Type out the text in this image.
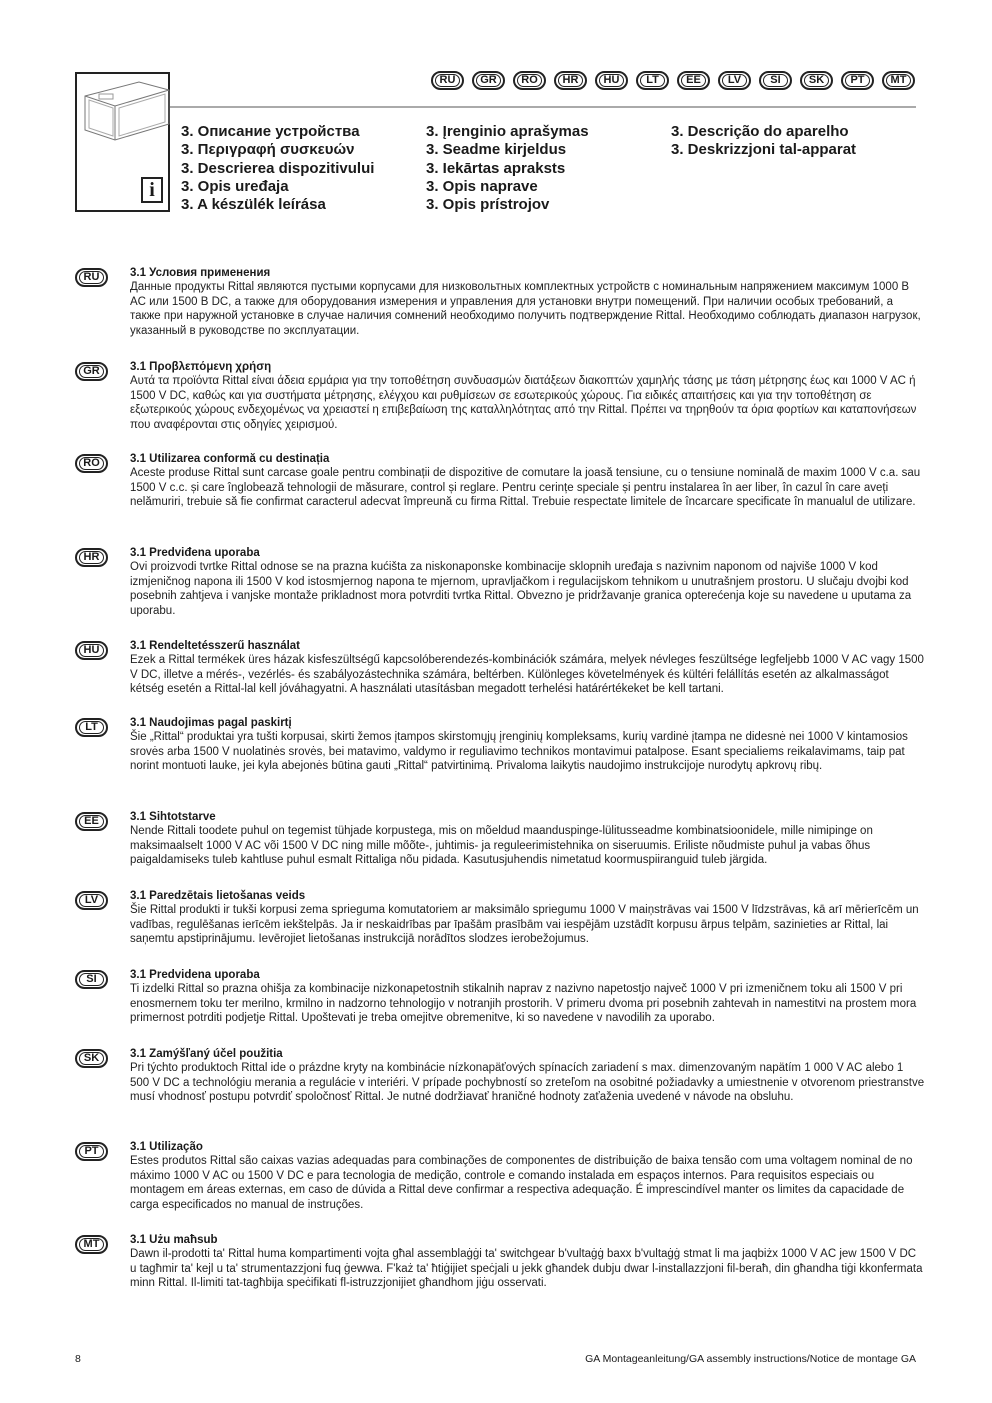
i
RU	GR	RO	HR	HU	LT	EE	LV	SI	SK	PT	MT
3. Описание устройства
3. Περιγραφή συσκευών
3. Descrierea dispozitivului
3. Opis uređaja
3. A készülék leírása
3. Įrenginio aprašymas
3. Seadme kirjeldus
3. Iekārtas apraksts
3. Opis naprave
3. Opis prístrojov
3. Descrição do aparelho
3. Deskrizzjoni tal-apparat
RU	3.1 Условия применения

Данные продукты Rittal являются пустыми корпусами для низковольтных комплектных устройств с номинальным напряжением максимум 1000 В AC или 1500 В DC, а также для оборудования измерения и управления для установки внутри помещений. При наличии особых требований, а также при наружной установке в случае наличия сомнений необходимо получить подтверждение Rittal. Необходимо соблюдать диапазон нагрузок, указанный в руководстве по эксплуатации.

GR	3.1 Προβλεπόμενη χρήση

Αυτά τα προϊόντα Rittal είναι άδεια ερμάρια για την τοποθέτηση συνδυασμών διατάξεων διακοπτών χαμηλής τάσης με τάση μέτρησης έως και 1000 V AC ή 1500 V DC, καθώς και για συστήματα μέτρησης, ελέγχου και ρυθμίσεων σε εσωτερικούς χώρους. Για ειδικές απαιτήσεις και για την τοποθέτηση σε εξωτερικούς χώρους ενδεχομένως να χρειαστεί η επιβεβαίωση της καταλληλότητας από την Rittal. Πρέπει να τηρηθούν τα όρια φορτίων και καταπονήσεων που αναφέρονται στις οδηγίες χειρισμού.

RO	3.1 Utilizarea conformă cu destinația

Aceste produse Rittal sunt carcase goale pentru combinații de dispozitive de comutare la joasă tensiune, cu o tensiune nominală de maxim 1000 V c.a. sau 1500 V c.c. și care înglobează tehnologii de măsurare, control și reglare. Pentru cerințe speciale și pentru instalarea în aer liber, în cazul în care aveți nelămuriri, trebuie să fie confirmat caracterul adecvat împreună cu firma Rittal. Trebuie respectate limitele de încarcare specificate în manualul de utilizare.

HR	3.1 Predviđena uporaba

Ovi proizvodi tvrtke Rittal odnose se na prazna kućišta za niskonaponske kombinacije sklopnih uređaja s nazivnim naponom od najviše 1000 V kod izmjeničnog napona ili 1500 V kod istosmjernog napona te mjernom, upravljačkom i regulacijskom tehnikom u unutrašnjem prostoru. U slučaju dvojbi kod posebnih zahtjeva i vanjske montaže prikladnost mora potvrditi tvrtka Rittal. Obvezno je pridržavanje granica opterećenja koje su navedene u uputama za uporabu.

HU	3.1 Rendeltetésszerű használat

Ezek a Rittal termékek üres házak kisfeszültségű kapcsolóberendezés-kombinációk számára, melyek névleges feszültsége legfeljebb 1000 V AC vagy 1500 V DC, illetve a mérés-, vezérlés- és szabályozástechnika számára, beltérben. Különleges követelmények és kültéri felállítás esetén az alkalmasságot kétség esetén a Rittal-lal kell jóváhagyatni. A használati utasításban megadott terhelési határértékeket be kell tartani.

LT	3.1 Naudojimas pagal paskirtį

Šie „Rittal“ produktai yra tušti korpusai, skirti žemos įtampos skirstomųjų įrenginių kompleksams, kurių vardinė įtampa ne didesnė nei 1000 V kintamosios srovės arba 1500 V nuolatinės srovės, bei matavimo, valdymo ir reguliavimo technikos montavimui patalpose. Esant specialiems reikalavimams, taip pat norint montuoti lauke, jei kyla abejonės būtina gauti „Rittal“ patvirtinimą. Privaloma laikytis naudojimo instrukcijoje nurodytų apkrovų ribų.

EE	3.1 Sihtotstarve

Nende Rittali toodete puhul on tegemist tühjade korpustega, mis on mõeldud maanduspinge-lülitusseadme kombinatsioonidele, mille nimipinge on maksimaalselt 1000 V AC või 1500 V DC ning mille mõõte-, juhtimis- ja reguleerimistehnika on siseruumis. Eriliste nõudmiste puhul ja vabas õhus paigaldamiseks tuleb kahtluse puhul esmalt Rittaliga nõu pidada. Kasutusjuhendis nimetatud koormuspiiranguid tuleb järgida.

LV	3.1 Paredzētais lietošanas veids

Šie Rittal produkti ir tukši korpusi zema sprieguma komutatoriem ar maksimālo spriegumu 1000 V maiņstrāvas vai 1500 V līdzstrāvas, kā arī mērierīcēm un vadības, regulēšanas ierīcēm iekštelpās. Ja ir neskaidrības par īpašām prasībām vai iespējām uzstādīt korpusu ārpus telpām, sazinieties ar Rittal, lai saņemtu apstiprinājumu. Ievērojiet lietošanas instrukcijā norādītos slodzes ierobežojumus.

SI	3.1 Predvidena uporaba

Ti izdelki Rittal so prazna ohišja za kombinacije nizkonapetostnih stikalnih naprav z nazivno napetostjo največ 1000 V pri izmeničnem toku ali 1500 V pri enosmernem toku ter merilno, krmilno in nadzorno tehnologijo v notranjih prostorih. V primeru dvoma pri posebnih zahtevah in namestitvi na prostem mora primernost potrditi podjetje Rittal. Upoštevati je treba omejitve obremenitve, ki so navedene v navodilih za uporabo.

SK	3.1 Zamýšľaný účel použitia

Pri týchto produktoch Rittal ide o prázdne kryty na kombinácie nízkonapäťových spínacích zariadení s max. dimenzovaným napätím 1 000 V AC alebo 1 500 V DC a technológiu merania a regulácie v interiéri. V prípade pochybností so zreteľom na osobitné požiadavky a umiestnenie v otvorenom priestranstve musí vhodnosť postupu potvrdiť spoločnosť Rittal. Je nutné dodržiavať hraničné hodnoty zaťaženia uvedené v návode na obsluhu.

PT	3.1 Utilização

Estes produtos Rittal são caixas vazias adequadas para combinações de componentes de distribuição de baixa tensão com uma voltagem nominal de no máximo 1000 V AC ou 1500 V DC e para tecnologia de medição, controle e comando instalada em espaços internos. Para requisitos especiais ou montagem em áreas externas, em caso de dúvida a Rittal deve confirmar a respectiva adequação. É imprescindível manter os limites da capacidade de carga especificados no manual de instruções.

MT	3.1 Użu maħsub

Dawn il-prodotti ta' Rittal huma kompartimenti vojta għal assemblaġġi ta' switchgear b'vultaġġ baxx b'vultaġġ stmat li ma jaqbiżx 1000 V AC jew 1500 V DC u tagħmir ta' kejl u ta' strumentazzjoni fuq ġewwa. F'każ ta' ħtiġijiet speċjali u jekk għandek dubju dwar l-installazzjoni fil-beraħ, din għandha tiġi kkonfermata minn Rittal. Il-limiti tat-tagħbija speċifikati fl-istruzzjonijiet għandhom jiġu osservati.

8	GA Montageanleitung/GA assembly instructions/Notice de montage GA
